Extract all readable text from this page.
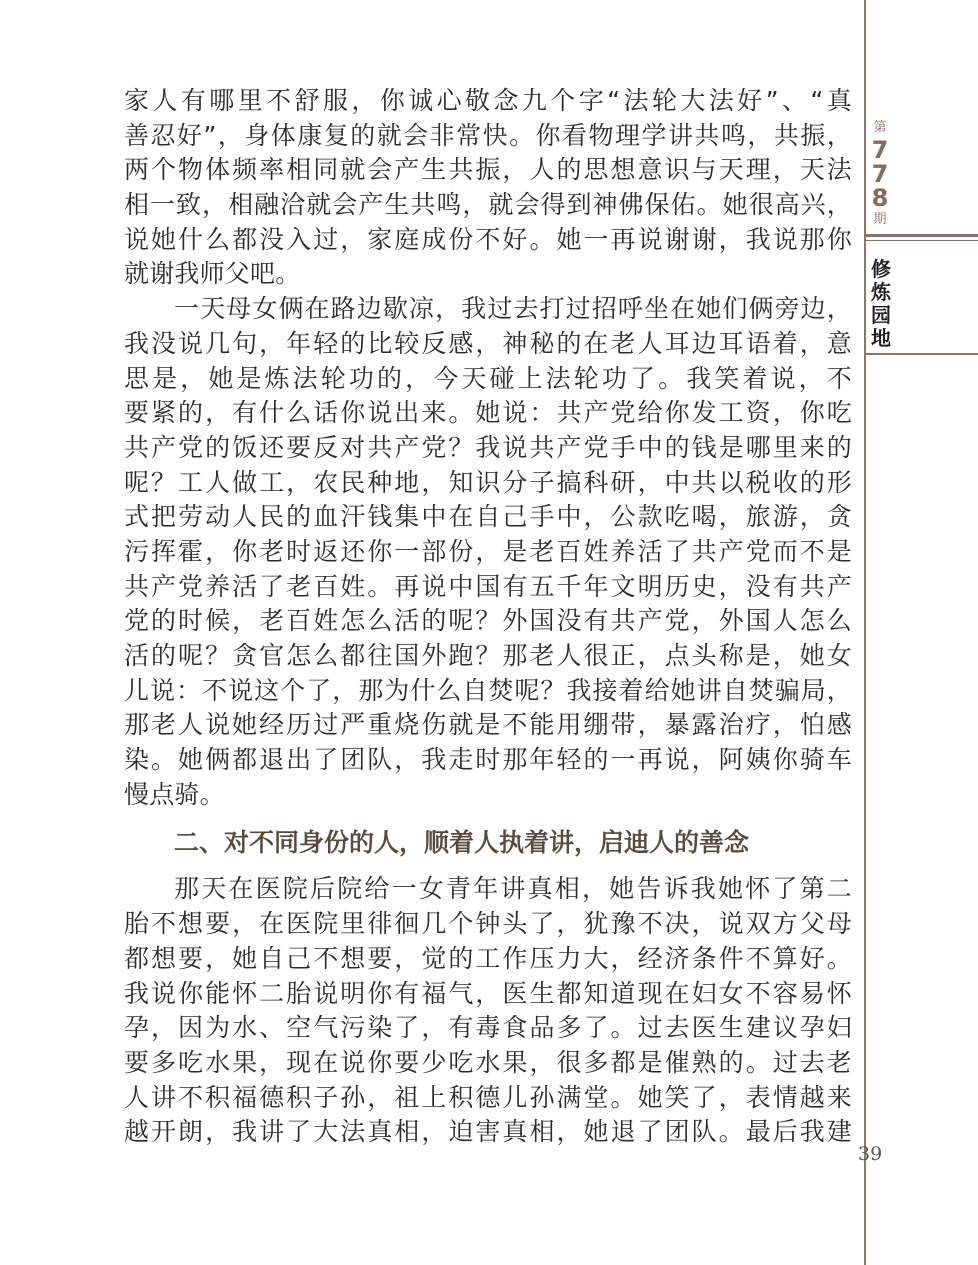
家人有哪里不舒服，你诚心敬念九个字“法轮大法好”、“真
善忍好”，身体康复的就会非常快。你看物理学讲共鸣，共振，
两个物体频率相同就会产生共振，人的思想意识与天理，天法
相一致，相融洽就会产生共鸣，就会得到神佛保佑。她很高兴，
说她什么都没入过，家庭成份不好。她一再说谢谢，我说那你
就谢我师父吧。
一天母女俩在路边歇凉，我过去打过招呼坐在她们俩旁边，
我没说几句，年轻的比较反感，神秘的在老人耳边耳语着，意
思是，她是炼法轮功的，今天碰上法轮功了。我笑着说，不
要紧的，有什么话你说出来。她说：共产党给你发工资，你吃
共产党的饭还要反对共产党？我说共产党手中的钱是哪里来的
呢？工人做工，农民种地，知识分子搞科研，中共以税收的形
式把劳动人民的血汗钱集中在自己手中，公款吃喝，旅游，贪
污挥霍，你老时返还你一部份，是老百姓养活了共产党而不是
共产党养活了老百姓。再说中国有五千年文明历史，没有共产
党的时候，老百姓怎么活的呢？外国没有共产党，外国人怎么
活的呢？贪官怎么都往国外跑？那老人很正，点头称是，她女
儿说：不说这个了，那为什么自焚呢？我接着给她讲自焚骗局，
那老人说她经历过严重烧伤就是不能用绷带，暴露治疗，怕感
染。她俩都退出了团队，我走时那年轻的一再说，阿姨你骑车
慢点骑。
二、对不同身份的人，顺着人执着讲，启迪人的善念
那天在医院后院给一女青年讲真相，她告诉我她怀了第二
胎不想要，在医院里徘徊几个钟头了，犹豫不决，说双方父母
都想要，她自己不想要，觉的工作压力大，经济条件不算好。
我说你能怀二胎说明你有福气，医生都知道现在妇女不容易怀
孕，因为水、空气污染了，有毒食品多了。过去医生建议孕妇
要多吃水果，现在说你要少吃水果，很多都是催熟的。过去老
人讲不积福德积子孙，祖上积德儿孙满堂。她笑了，表情越来
越开朗，我讲了大法真相，迫害真相，她退了团队。最后我建
第
7
7
8
期
修
炼
园
地
39
